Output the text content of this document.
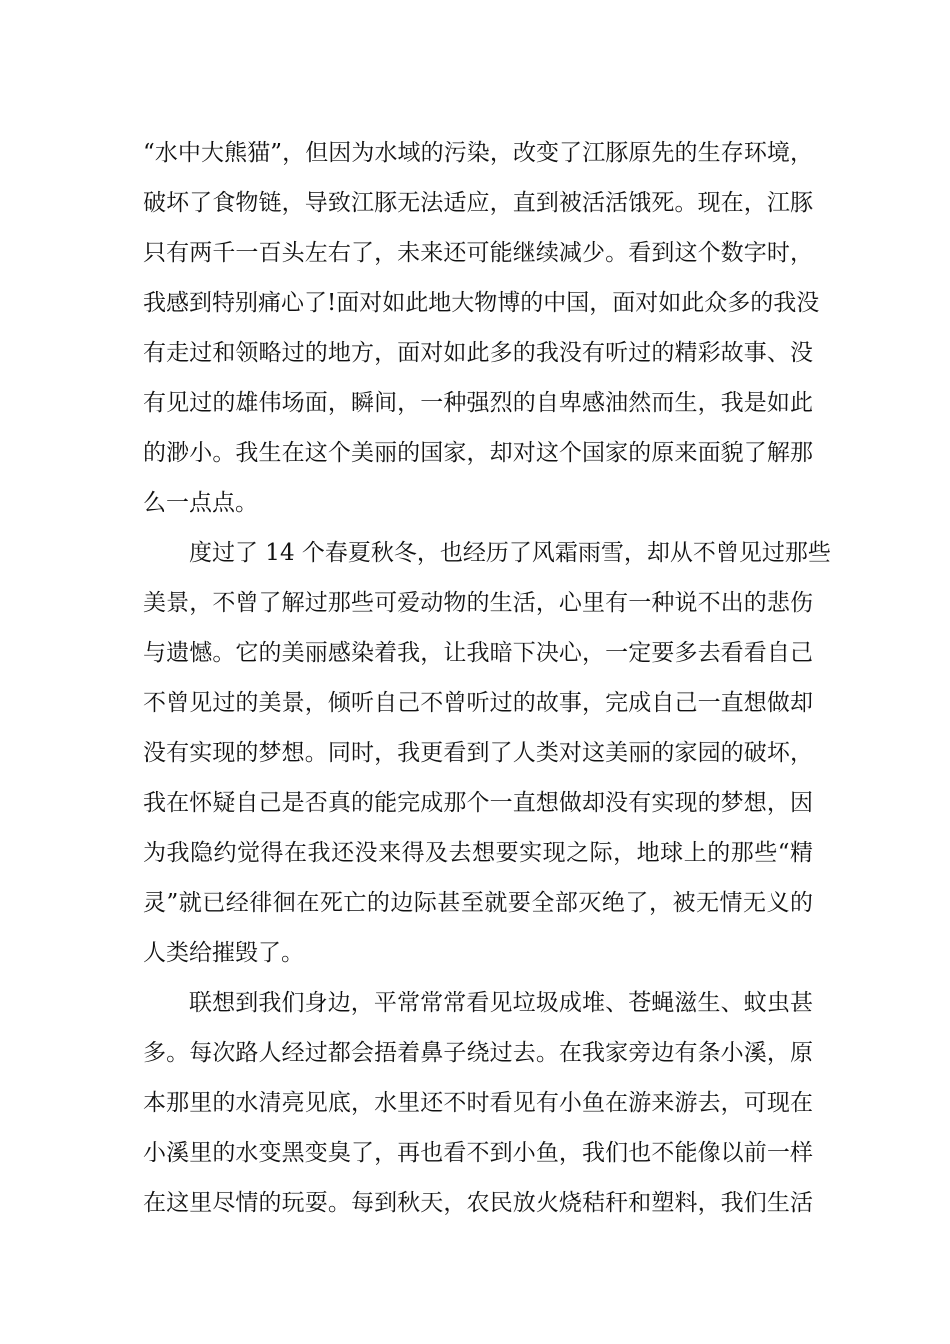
“水中大熊猫”，但因为水域的污染，改变了江豚原先的生存环境，
破坏了食物链，导致江豚无法适应，直到被活活饿死。现在，江豚
只有两千一百头左右了，未来还可能继续减少。看到这个数字时，
我感到特别痛心了!面对如此地大物博的中国，面对如此众多的我没
有走过和领略过的地方，面对如此多的我没有听过的精彩故事、没
有见过的雄伟场面，瞬间，一种强烈的自卑感油然而生，我是如此
的渺小。我生在这个美丽的国家，却对这个国家的原来面貌了解那
么一点点。
度过了 14 个春夏秋冬，也经历了风霜雨雪，却从不曾见过那些
美景，不曾了解过那些可爱动物的生活，心里有一种说不出的悲伤
与遗憾。它的美丽感染着我，让我暗下决心，一定要多去看看自己
不曾见过的美景，倾听自己不曾听过的故事，完成自己一直想做却
没有实现的梦想。同时，我更看到了人类对这美丽的家园的破坏，
我在怀疑自己是否真的能完成那个一直想做却没有实现的梦想，因
为我隐约觉得在我还没来得及去想要实现之际，地球上的那些“精
灵”就已经徘徊在死亡的边际甚至就要全部灭绝了，被无情无义的
人类给摧毁了。
联想到我们身边，平常常常看见垃圾成堆、苍蝇滋生、蚊虫甚
多。每次路人经过都会捂着鼻子绕过去。在我家旁边有条小溪，原
本那里的水清亮见底，水里还不时看见有小鱼在游来游去，可现在
小溪里的水变黑变臭了，再也看不到小鱼，我们也不能像以前一样
在这里尽情的玩耍。每到秋天，农民放火烧秸秆和塑料，我们生活
